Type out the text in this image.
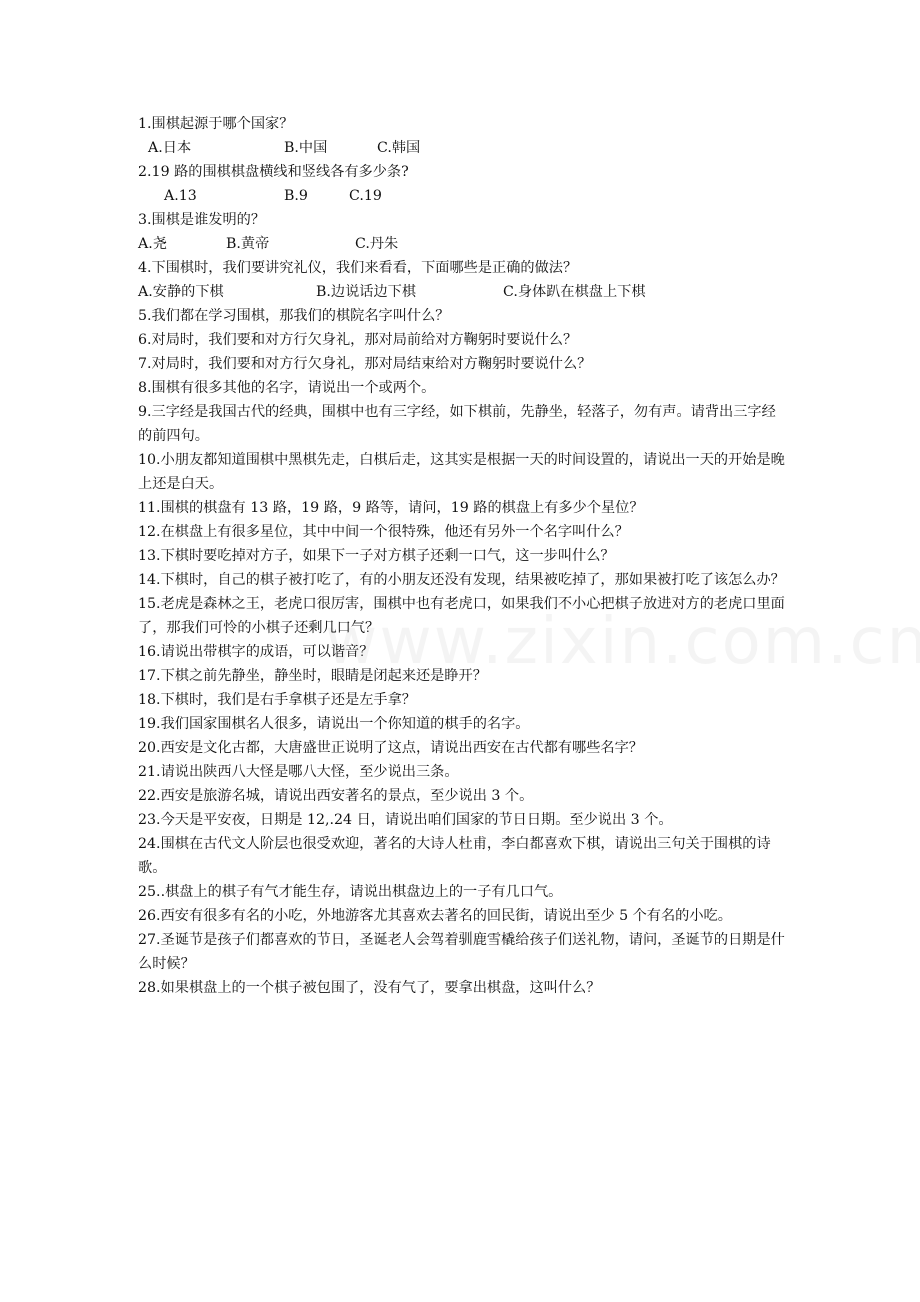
1.围棋起源于哪个国家？

A.日本	B.中国	C.韩国

2.19 路的围棋棋盘横线和竖线各有多少条?

A.13	B.9	C.19

3.围棋是谁发明的？

A.尧	B.黄帝	C.丹朱

4.下围棋时，我们要讲究礼仪，我们来看看，下面哪些是正确的做法？

A.安静的下棋	B.边说话边下棋	C.身体趴在棋盘上下棋

5.我们都在学习围棋，那我们的棋院名字叫什么？

6.对局时，我们要和对方行欠身礼，那对局前给对方鞠躬时要说什么？

7.对局时，我们要和对方行欠身礼，那对局结束给对方鞠躬时要说什么？

8.围棋有很多其他的名字，请说出一个或两个。

9.三字经是我国古代的经典，围棋中也有三字经，如下棋前，先静坐，轻落子，勿有声。请背出三字经的前四句。

10.小朋友都知道围棋中黑棋先走，白棋后走，这其实是根据一天的时间设置的，请说出一天的开始是晚上还是白天。

11.围棋的棋盘有 13 路，19 路，9 路等，请问，19 路的棋盘上有多少个星位？

12.在棋盘上有很多星位，其中中间一个很特殊，他还有另外一个名字叫什么？

13.下棋时要吃掉对方子，如果下一子对方棋子还剩一口气，这一步叫什么？

14.下棋时，自己的棋子被打吃了，有的小朋友还没有发现，结果被吃掉了，那如果被打吃了该怎么办？

15.老虎是森林之王，老虎口很厉害，围棋中也有老虎口，如果我们不小心把棋子放进对方的老虎口里面了，那我们可怜的小棋子还剩几口气？

16.请说出带棋字的成语，可以谐音？

17.下棋之前先静坐，静坐时，眼睛是闭起来还是睁开？

18.下棋时，我们是右手拿棋子还是左手拿？

19.我们国家围棋名人很多，请说出一个你知道的棋手的名字。

20.西安是文化古都，大唐盛世正说明了这点，请说出西安在古代都有哪些名字？

21.请说出陕西八大怪是哪八大怪，至少说出三条。

22.西安是旅游名城，请说出西安著名的景点，至少说出 3 个。

23.今天是平安夜，日期是 12,.24 日，请说出咱们国家的节日日期。至少说出 3 个。

24.围棋在古代文人阶层也很受欢迎，著名的大诗人杜甫，李白都喜欢下棋，请说出三句关于围棋的诗歌。

25..棋盘上的棋子有气才能生存，请说出棋盘边上的一子有几口气。

26.西安有很多有名的小吃，外地游客尤其喜欢去著名的回民街，请说出至少 5 个有名的小吃。

27.圣诞节是孩子们都喜欢的节日，圣诞老人会驾着驯鹿雪橇给孩子们送礼物，请问，圣诞节的日期是什么时候？

28.如果棋盘上的一个棋子被包围了，没有气了，要拿出棋盘，这叫什么？
